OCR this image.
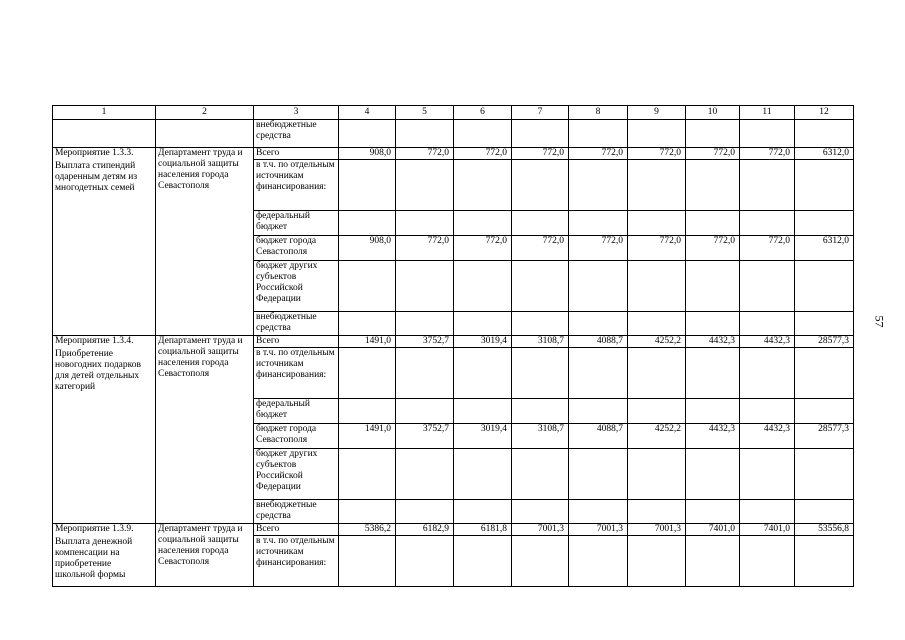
1	2	3	4	5	6	7	8	9	10	11	12
		внебюджетные средства									

Мероприятие 1.3.3.
Выплата стипендий одаренным детям из многодетных семей	Департамент труда и социальной защиты населения города Севастополя	Всего	908,0	772,0	772,0	772,0	772,0	772,0	772,0	772,0	6312,0
		в т.ч. по отдельным источникам финансирования:									
		федеральный бюджет									
		бюджет города Севастополя	908,0	772,0	772,0	772,0	772,0	772,0	772,0	772,0	6312,0
		бюджет других субъектов Российской Федерации									
		внебюджетные средства									

Мероприятие 1.3.4.
Приобретение новогодних подарков для детей отдельных категорий	Департамент труда и социальной защиты населения города Севастополя	Всего	1491,0	3752,7	3019,4	3108,7	4088,7	4252,2	4432,3	4432,3	28577,3
		в т.ч. по отдельным источникам финансирования:									
		федеральный бюджет									
		бюджет города Севастополя	1491,0	3752,7	3019,4	3108,7	4088,7	4252,2	4432,3	4432,3	28577,3
		бюджет других субъектов Российской Федерации									
		внебюджетные средства									

Мероприятие 1.3.9.
Выплата денежной компенсации на приобретение школьной формы	Департамент труда и социальной защиты населения города Севастополя	Всего	5386,2	6182,9	6181,8	7001,3	7001,3	7001,3	7401,0	7401,0	53556,8
		в т.ч. по отдельным источникам финансирования:									
57
